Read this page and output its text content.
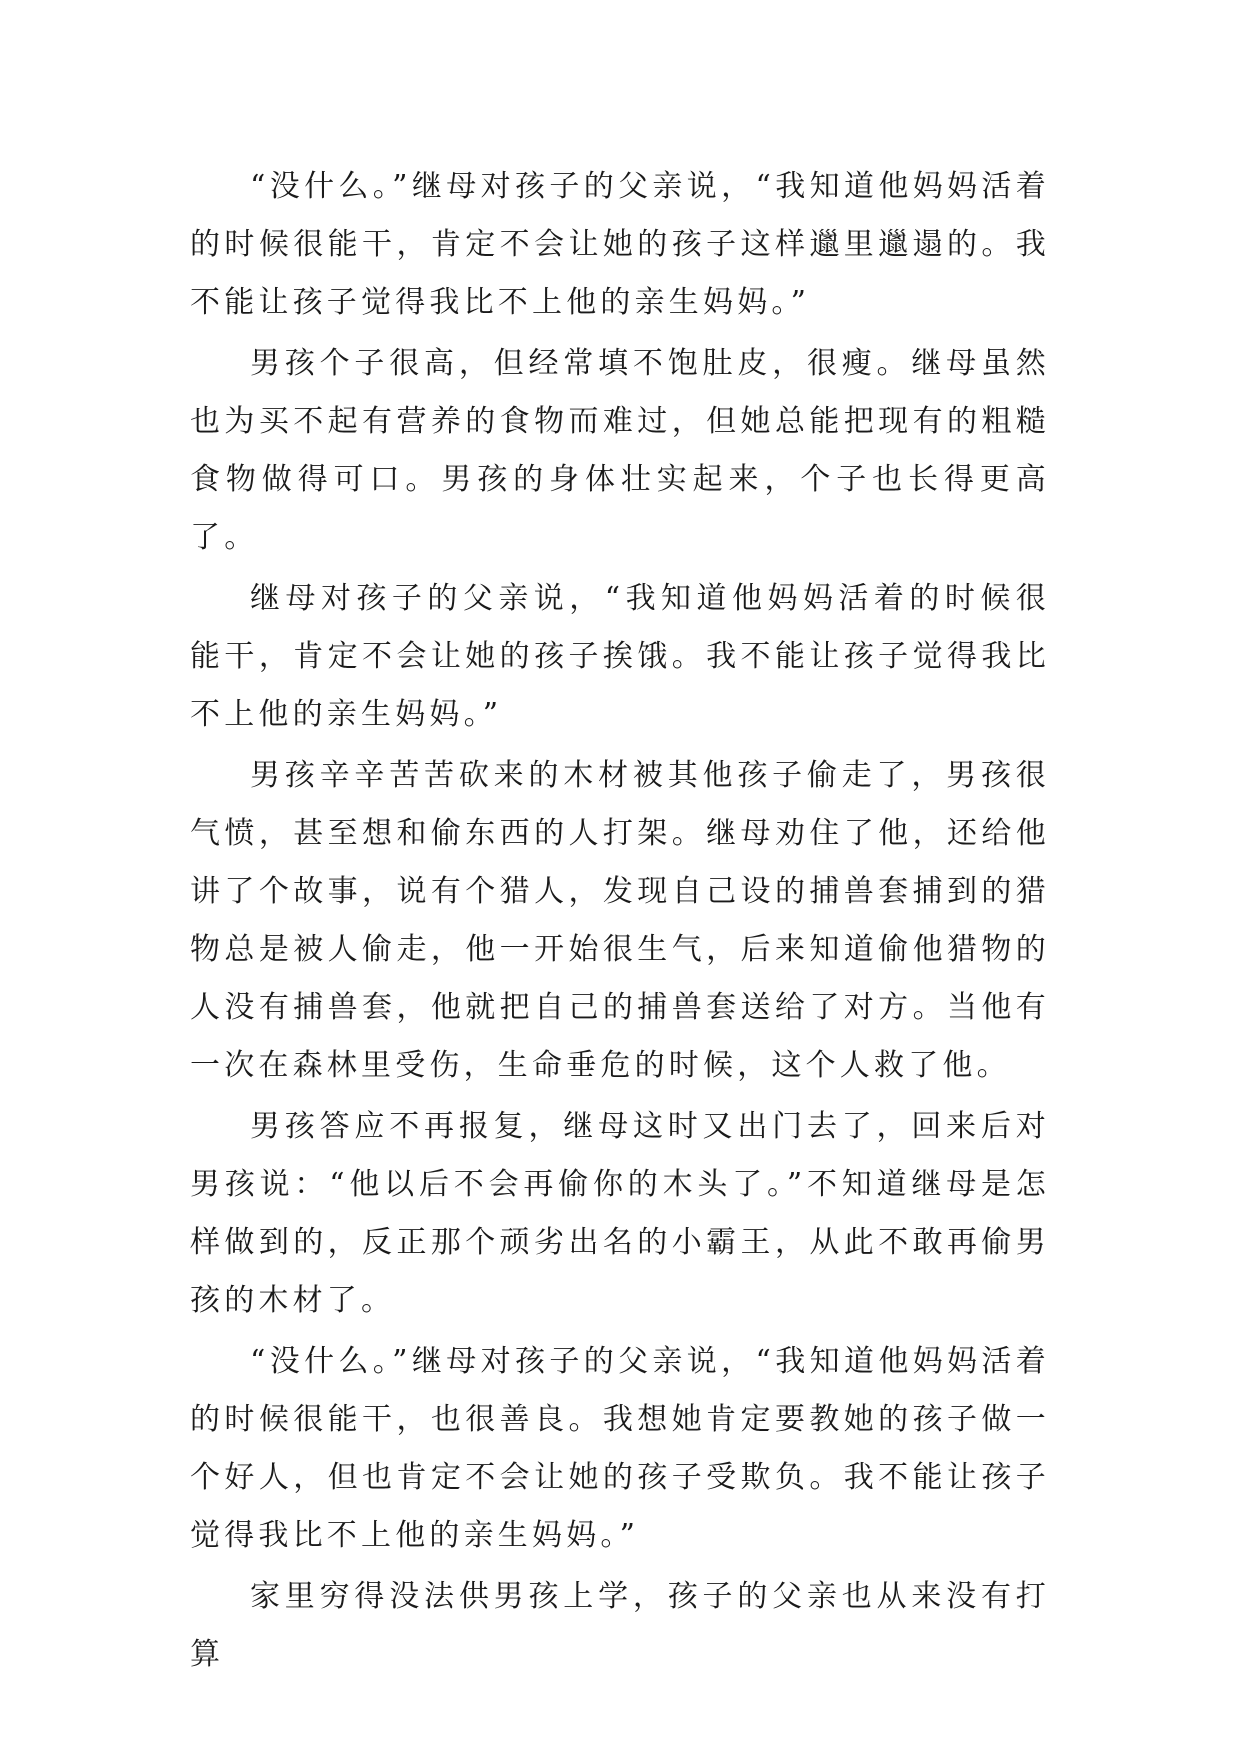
“没什么。”继母对孩子的父亲说，“我知道他妈妈活着的时候很能干，肯定不会让她的孩子这样邋里邋遢的。我不能让孩子觉得我比不上他的亲生妈妈。”

男孩个子很高，但经常填不饱肚皮，很瘦。继母虽然也为买不起有营养的食物而难过，但她总能把现有的粗糙食物做得可口。男孩的身体壮实起来，个子也长得更高了。

继母对孩子的父亲说，“我知道他妈妈活着的时候很能干，肯定不会让她的孩子挨饿。我不能让孩子觉得我比不上他的亲生妈妈。”

男孩辛辛苦苦砍来的木材被其他孩子偷走了，男孩很气愤，甚至想和偷东西的人打架。继母劝住了他，还给他讲了个故事，说有个猎人，发现自己设的捕兽套捕到的猎物总是被人偷走，他一开始很生气，后来知道偷他猎物的人没有捕兽套，他就把自己的捕兽套送给了对方。当他有一次在森林里受伤，生命垂危的时候，这个人救了他。

男孩答应不再报复，继母这时又出门去了，回来后对男孩说：“他以后不会再偷你的木头了。”不知道继母是怎样做到的，反正那个顽劣出名的小霸王，从此不敢再偷男孩的木材了。

“没什么。”继母对孩子的父亲说，“我知道他妈妈活着的时候很能干，也很善良。我想她肯定要教她的孩子做一个好人，但也肯定不会让她的孩子受欺负。我不能让孩子觉得我比不上他的亲生妈妈。”

家里穷得没法供男孩上学，孩子的父亲也从来没有打算
